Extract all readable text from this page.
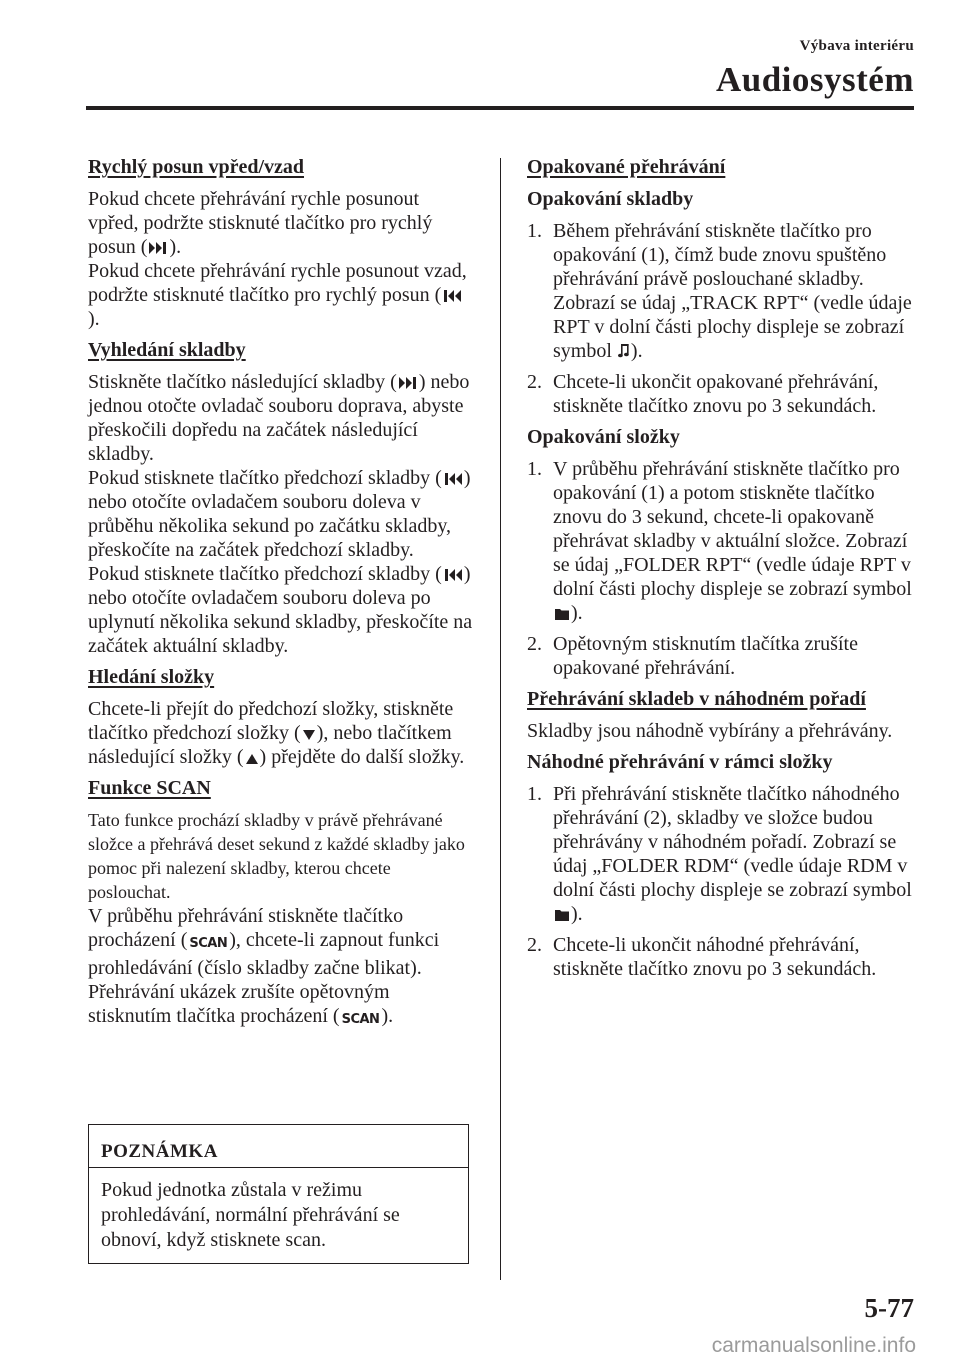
Výbava interiéru
Audiosystém
Rychlý posun vpřed/vzad

Pokud chcete přehrávání rychle posunout vpřed, podržte stisknuté tlačítko pro rychlý posun ( ).

Pokud chcete přehrávání rychle posunout vzad, podržte stisknuté tlačítko pro rychlý posun (
).

Vyhledání skladby

Stiskněte tlačítko následující skladby ( ) nebo jednou otočte ovladač souboru doprava, abyste přeskočili dopředu na začátek následující skladby.

Pokud stisknete tlačítko předchozí skladby ( ) nebo otočíte ovladačem souboru doleva v průběhu několika sekund po začátku skladby, přeskočíte na začátek předchozí skladby.

Pokud stisknete tlačítko předchozí skladby ( ) nebo otočíte ovladačem souboru doleva po uplynutí několika sekund skladby, přeskočíte na začátek aktuální skladby.

Hledání složky

Chcete-li přejít do předchozí složky, stiskněte tlačítko předchozí složky ( ), nebo tlačítkem následující složky ( ) přejděte do další složky.

Funkce SCAN

Tato funkce prochází skladby v právě přehrávané složce a přehrává deset sekund z každé skladby jako pomoc při nalezení skladby, kterou chcete poslouchat.

V průběhu přehrávání stiskněte tlačítko procházení ( SCAN ), chcete-li zapnout funkci prohledávání (číslo skladby začne blikat). Přehrávání ukázek zrušíte opětovným stisknutím tlačítka procházení ( SCAN ).

POZNÁMKA
Pokud jednotka zůstala v režimu prohledávání, normální přehrávání se obnoví, když stisknete scan.
Opakované přehrávání
Opakování skladby
1. Během přehrávání stiskněte tlačítko pro opakování (1), čímž bude znovu spuštěno přehrávání právě poslouchané skladby. Zobrazí se údaj „TRACK RPT“ (vedle údaje RPT v dolní části plochy displeje se zobrazí symbol
).
2. Chcete-li ukončit opakované přehrávání, stiskněte tlačítko znovu po 3 sekundách.
Opakování složky
1. V průběhu přehrávání stiskněte tlačítko pro opakování (1) a potom stiskněte tlačítko znovu do 3 sekund, chcete-li opakovaně přehrávat skladby v aktuální složce. Zobrazí se údaj „FOLDER RPT“ (vedle údaje RPT v dolní části plochy displeje se zobrazí symbol
).
2. Opětovným stisknutím tlačítka zrušíte opakované přehrávání.
Přehrávání skladeb v náhodném pořadí

Skladby jsou náhodně vybírány a přehrávány.

Náhodné přehrávání v rámci složky
1. Při přehrávání stiskněte tlačítko náhodného přehrávání (2), skladby ve složce budou přehrávány v náhodném pořadí. Zobrazí se údaj „FOLDER RDM“ (vedle údaje RDM v dolní části plochy displeje se zobrazí symbol
).
2. Chcete-li ukončit náhodné přehrávání, stiskněte tlačítko znovu po 3 sekundách.
5-77
carmanualsonline.info
